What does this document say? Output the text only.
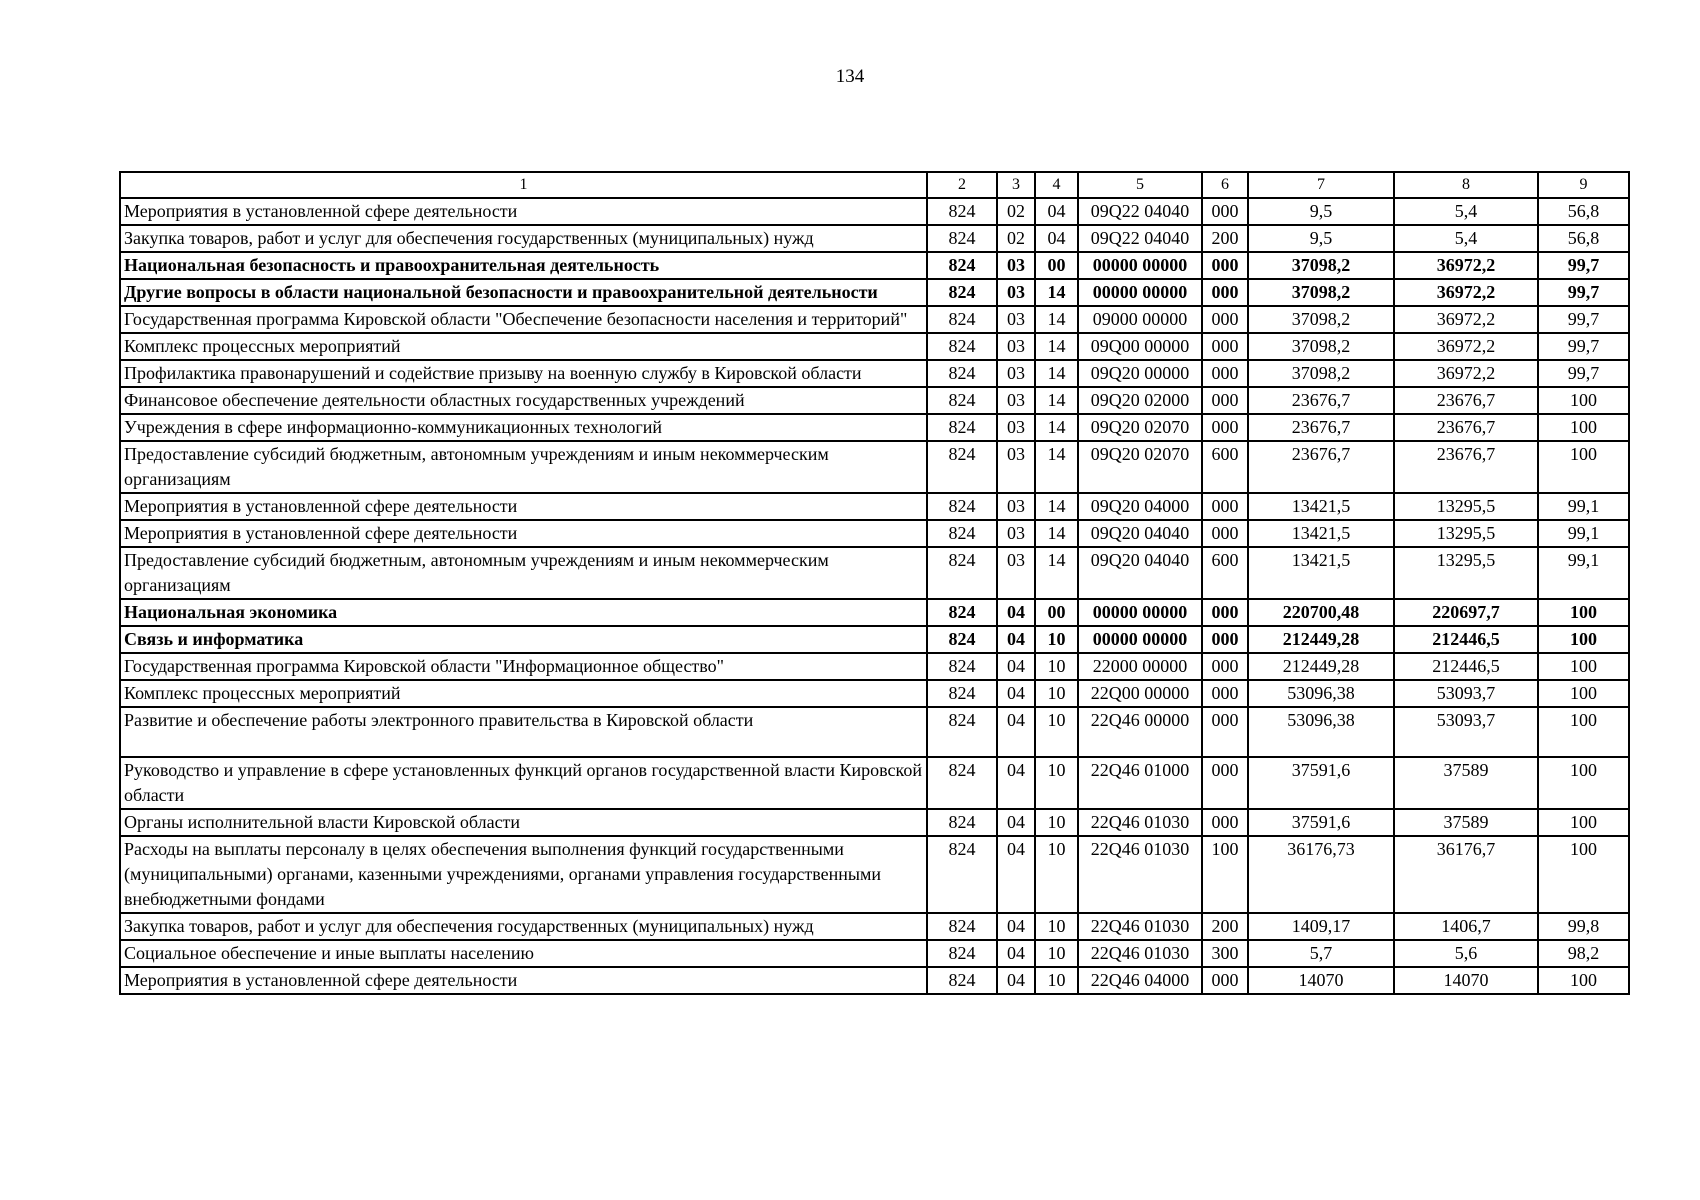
134
1	2	3	4	5	6	7	8	9
Мероприятия в установленной сфере деятельности	824	02	04	09Q22 04040	000	9,5	5,4	56,8
Закупка товаров, работ и услуг для обеспечения государственных (муниципальных) нужд	824	02	04	09Q22 04040	200	9,5	5,4	56,8
Национальная безопасность и правоохранительная деятельность	824	03	00	00000 00000	000	37098,2	36972,2	99,7
Другие вопросы в области национальной безопасности и правоохранительной деятельности	824	03	14	00000 00000	000	37098,2	36972,2	99,7
Государственная программа Кировской области "Обеспечение безопасности населения и территорий"	824	03	14	09000 00000	000	37098,2	36972,2	99,7
Комплекс процессных мероприятий	824	03	14	09Q00 00000	000	37098,2	36972,2	99,7
Профилактика правонарушений и содействие призыву на военную службу в Кировской области	824	03	14	09Q20 00000	000	37098,2	36972,2	99,7
Финансовое обеспечение деятельности областных государственных учреждений	824	03	14	09Q20 02000	000	23676,7	23676,7	100
Учреждения в сфере информационно-коммуникационных технологий	824	03	14	09Q20 02070	000	23676,7	23676,7	100
Предоставление субсидий бюджетным, автономным учреждениям и иным некоммерческим организациям	824	03	14	09Q20 02070	600	23676,7	23676,7	100
Мероприятия в установленной сфере деятельности	824	03	14	09Q20 04000	000	13421,5	13295,5	99,1
Мероприятия в установленной сфере деятельности	824	03	14	09Q20 04040	000	13421,5	13295,5	99,1
Предоставление субсидий бюджетным, автономным учреждениям и иным некоммерческим организациям	824	03	14	09Q20 04040	600	13421,5	13295,5	99,1
Национальная экономика	824	04	00	00000 00000	000	220700,48	220697,7	100
Связь и информатика	824	04	10	00000 00000	000	212449,28	212446,5	100
Государственная программа Кировской области "Информационное общество"	824	04	10	22000 00000	000	212449,28	212446,5	100
Комплекс процессных мероприятий	824	04	10	22Q00 00000	000	53096,38	53093,7	100
Развитие и обеспечение работы электронного правительства в Кировской области	824	04	10	22Q46 00000	000	53096,38	53093,7	100
Руководство и управление в сфере установленных функций органов государственной власти Кировской области	824	04	10	22Q46 01000	000	37591,6	37589	100
Органы исполнительной власти Кировской области	824	04	10	22Q46 01030	000	37591,6	37589	100
Расходы на выплаты персоналу в целях обеспечения выполнения функций государственными (муниципальными) органами, казенными учреждениями, органами управления государственными внебюджетными фондами	824	04	10	22Q46 01030	100	36176,73	36176,7	100
Закупка товаров, работ и услуг для обеспечения государственных (муниципальных) нужд	824	04	10	22Q46 01030	200	1409,17	1406,7	99,8
Социальное обеспечение и иные выплаты населению	824	04	10	22Q46 01030	300	5,7	5,6	98,2
Мероприятия в установленной сфере деятельности	824	04	10	22Q46 04000	000	14070	14070	100
